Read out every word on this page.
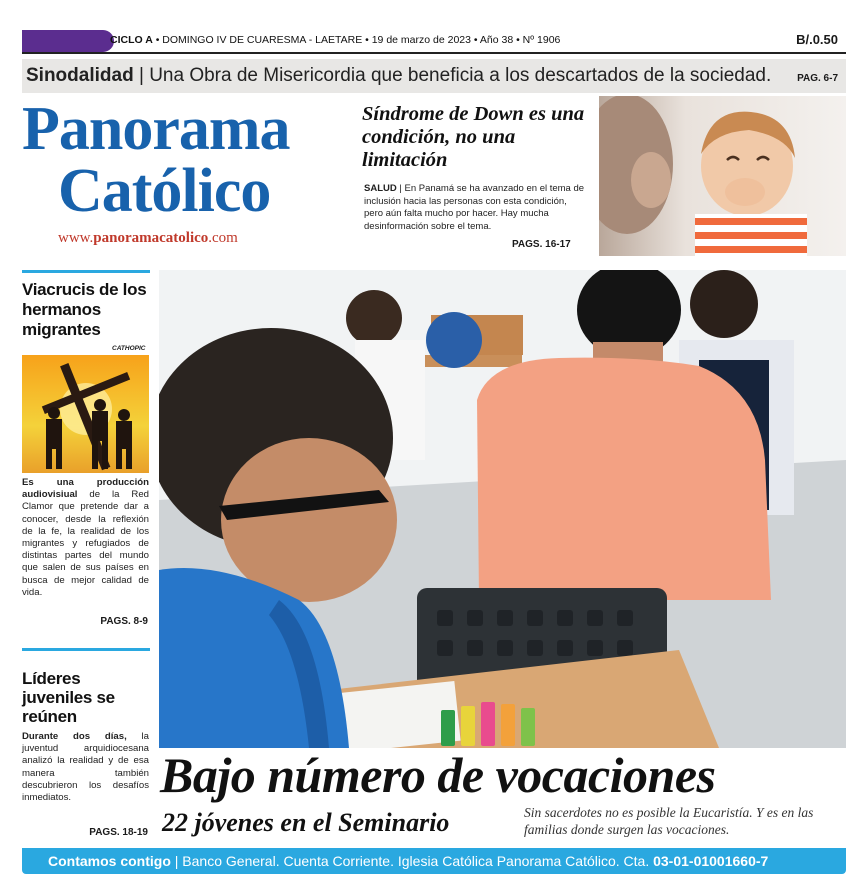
CICLO A • DOMINGO IV DE CUARESMA - LAETARE • 19 de marzo de 2023 • Año 38 • Nº 1906	B/.0.50
Sinodalidad | Una Obra de Misericordia que beneficia a los descartados de la sociedad.	PAG. 6-7
Panorama
Católico
www.panoramacatolico.com
Síndrome de Down es una condición, no una limitación
SALUD | En Panamá se ha avanzado en el tema de inclusión hacia las personas con esta condición, pero aún falta mucho por hacer. Hay mucha desinformación sobre el tema.
PAGS. 16-17
Viacrucis de los hermanos migrantes
CATHOPIC
Es una producción audiovisiual de la Red Clamor que pretende dar a conocer, desde la reflexión de la fe, la realidad de los migrantes y refugiados de distintas partes del mundo que salen de sus países en busca de mejor calidad de vida.
PAGS. 8-9
Líderes juveniles se reúnen
Durante dos días, la juventud arquidiocesana analizó la realidad y de esa manera también descubrieron los desafíos inmediatos.
PAGS. 18-19
Bajo número de vocaciones
22 jóvenes en el Seminario	Sin sacerdotes no es posible la Eucaristía. Y es en las familias donde surgen las vocaciones.
Contamos contigo | Banco General. Cuenta Corriente. Iglesia Católica Panorama Católico. Cta. 03-01-01001660-7
